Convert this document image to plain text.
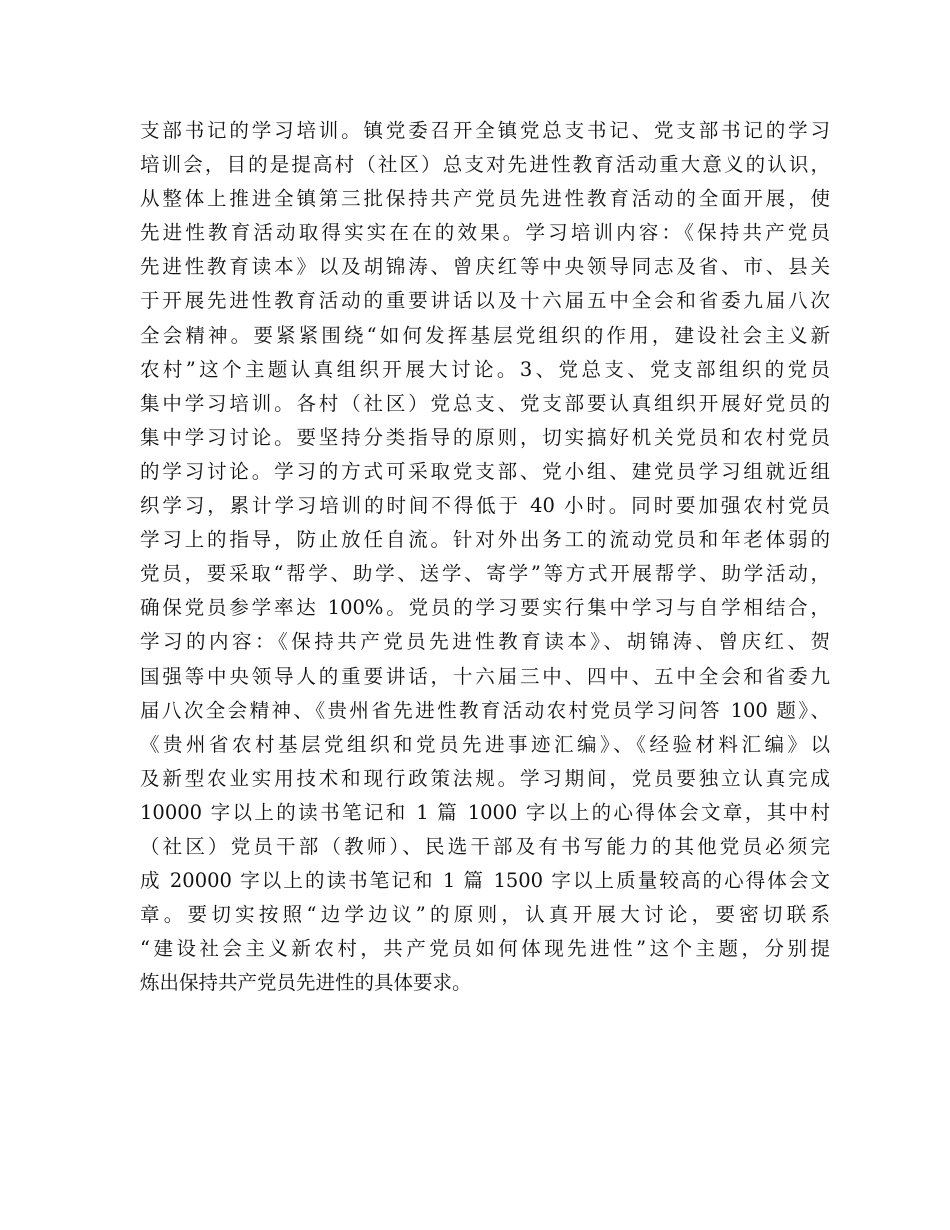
支部书记的学习培训。镇党委召开全镇党总支书记、党支部书记的学习
培训会，目的是提高村（社区）总支对先进性教育活动重大意义的认识，
从整体上推进全镇第三批保持共产党员先进性教育活动的全面开展，使
先进性教育活动取得实实在在的效果。学习培训内容：《保持共产党员
先进性教育读本》以及胡锦涛、曾庆红等中央领导同志及省、市、县关
于开展先进性教育活动的重要讲话以及十六届五中全会和省委九届八次
全会精神。要紧紧围绕“如何发挥基层党组织的作用，建设社会主义新
农村”这个主题认真组织开展大讨论。3、党总支、党支部组织的党员
集中学习培训。各村（社区）党总支、党支部要认真组织开展好党员的
集中学习讨论。要坚持分类指导的原则，切实搞好机关党员和农村党员
的学习讨论。学习的方式可采取党支部、党小组、建党员学习组就近组
织学习，累计学习培训的时间不得低于 40 小时。同时要加强农村党员
学习上的指导，防止放任自流。针对外出务工的流动党员和年老体弱的
党员，要采取“帮学、助学、送学、寄学”等方式开展帮学、助学活动，
确保党员参学率达 100%。党员的学习要实行集中学习与自学相结合，
学习的内容：《保持共产党员先进性教育读本》、胡锦涛、曾庆红、贺
国强等中央领导人的重要讲话，十六届三中、四中、五中全会和省委九
届八次全会精神、《贵州省先进性教育活动农村党员学习问答 100 题》、
《贵州省农村基层党组织和党员先进事迹汇编》、《经验材料汇编》以
及新型农业实用技术和现行政策法规。学习期间，党员要独立认真完成
10000 字以上的读书笔记和 1 篇 1000 字以上的心得体会文章，其中村
（社区）党员干部（教师）、民选干部及有书写能力的其他党员必须完
成 20000 字以上的读书笔记和 1 篇 1500 字以上质量较高的心得体会文
章。要切实按照“边学边议”的原则，认真开展大讨论，要密切联系
“建设社会主义新农村，共产党员如何体现先进性”这个主题，分别提
炼出保持共产党员先进性的具体要求。
